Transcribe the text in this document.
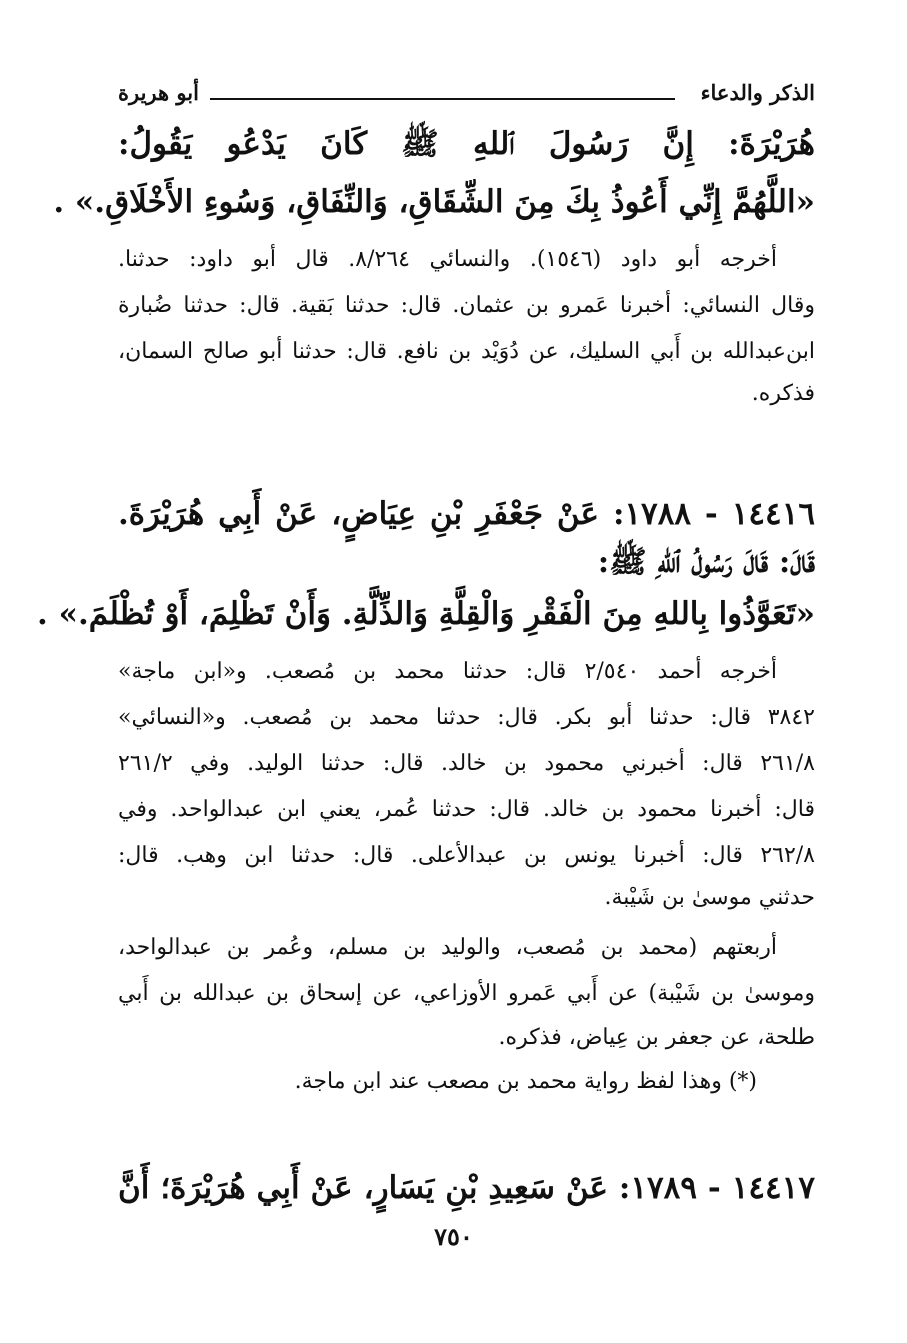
الذكر والدعاء
أبو هريرة
هُرَيْرَةَ: إِنَّ رَسُولَ ٱللهِ ﷺ كَانَ يَدْعُو يَقُولُ:
«اللَّهُمَّ إِنِّي أَعُوذُ بِكَ مِنَ الشِّقَاقِ، وَالنِّفَاقِ، وَسُوءِ الأَخْلَاقِ.» .
أخرجه أبو داود (١٥٤٦). والنسائي ٨/٢٦٤. قال أبو داود: حدثنا.
وقال النسائي: أخبرنا عَمرو بن عثمان. قال: حدثنا بَقية. قال: حدثنا ضُبارة
ابن‌عبدالله بن أَبي السليك، عن دُوَيْد بن نافع. قال: حدثنا أبو صالح السمان،
فذكره.
١٤٤١٦ - ١٧٨٨: عَنْ جَعْفَرِ بْنِ عِيَاضٍ، عَنْ أَبِي هُرَيْرَةَ.
قَالَ: قَالَ رَسُولُ ٱللهِ ﷺ:
«تَعَوَّذُوا بِاللهِ مِنَ الْفَقْرِ وَالْقِلَّةِ وَالذِّلَّةِ. وَأَنْ تَظْلِمَ، أَوْ تُظْلَمَ.» .
أخرجه أحمد ٢/٥٤٠ قال: حدثنا محمد بن مُصعب. و«ابن ماجة»
٣٨٤٢ قال: حدثنا أبو بكر. قال: حدثنا محمد بن مُصعب. و«النسائي»
٢٦١/٨ قال: أخبرني محمود بن خالد. قال: حدثنا الوليد. وفي ٢٦١/٢
قال: أخبرنا محمود بن خالد. قال: حدثنا عُمر، يعني ابن عبدالواحد. وفي
٢٦٢/٨ قال: أخبرنا يونس بن عبدالأعلى. قال: حدثنا ابن وهب. قال:
حدثني موسىٰ بن شَيْبة.
أربعتهم (محمد بن مُصعب، والوليد بن مسلم، وعُمر بن عبدالواحد،
وموسىٰ بن شَيْبة) عن أَبي عَمرو الأوزاعي، عن إسحاق بن عبدالله بن أَبي
طلحة، عن جعفر بن عِياض، فذكره.
(*) وهذا لفظ رواية محمد بن مصعب عند ابن ماجة.
١٤٤١٧ - ١٧٨٩: عَنْ سَعِيدِ بْنِ يَسَارٍ، عَنْ أَبِي هُرَيْرَةَ؛ أَنَّ
٧٥٠
